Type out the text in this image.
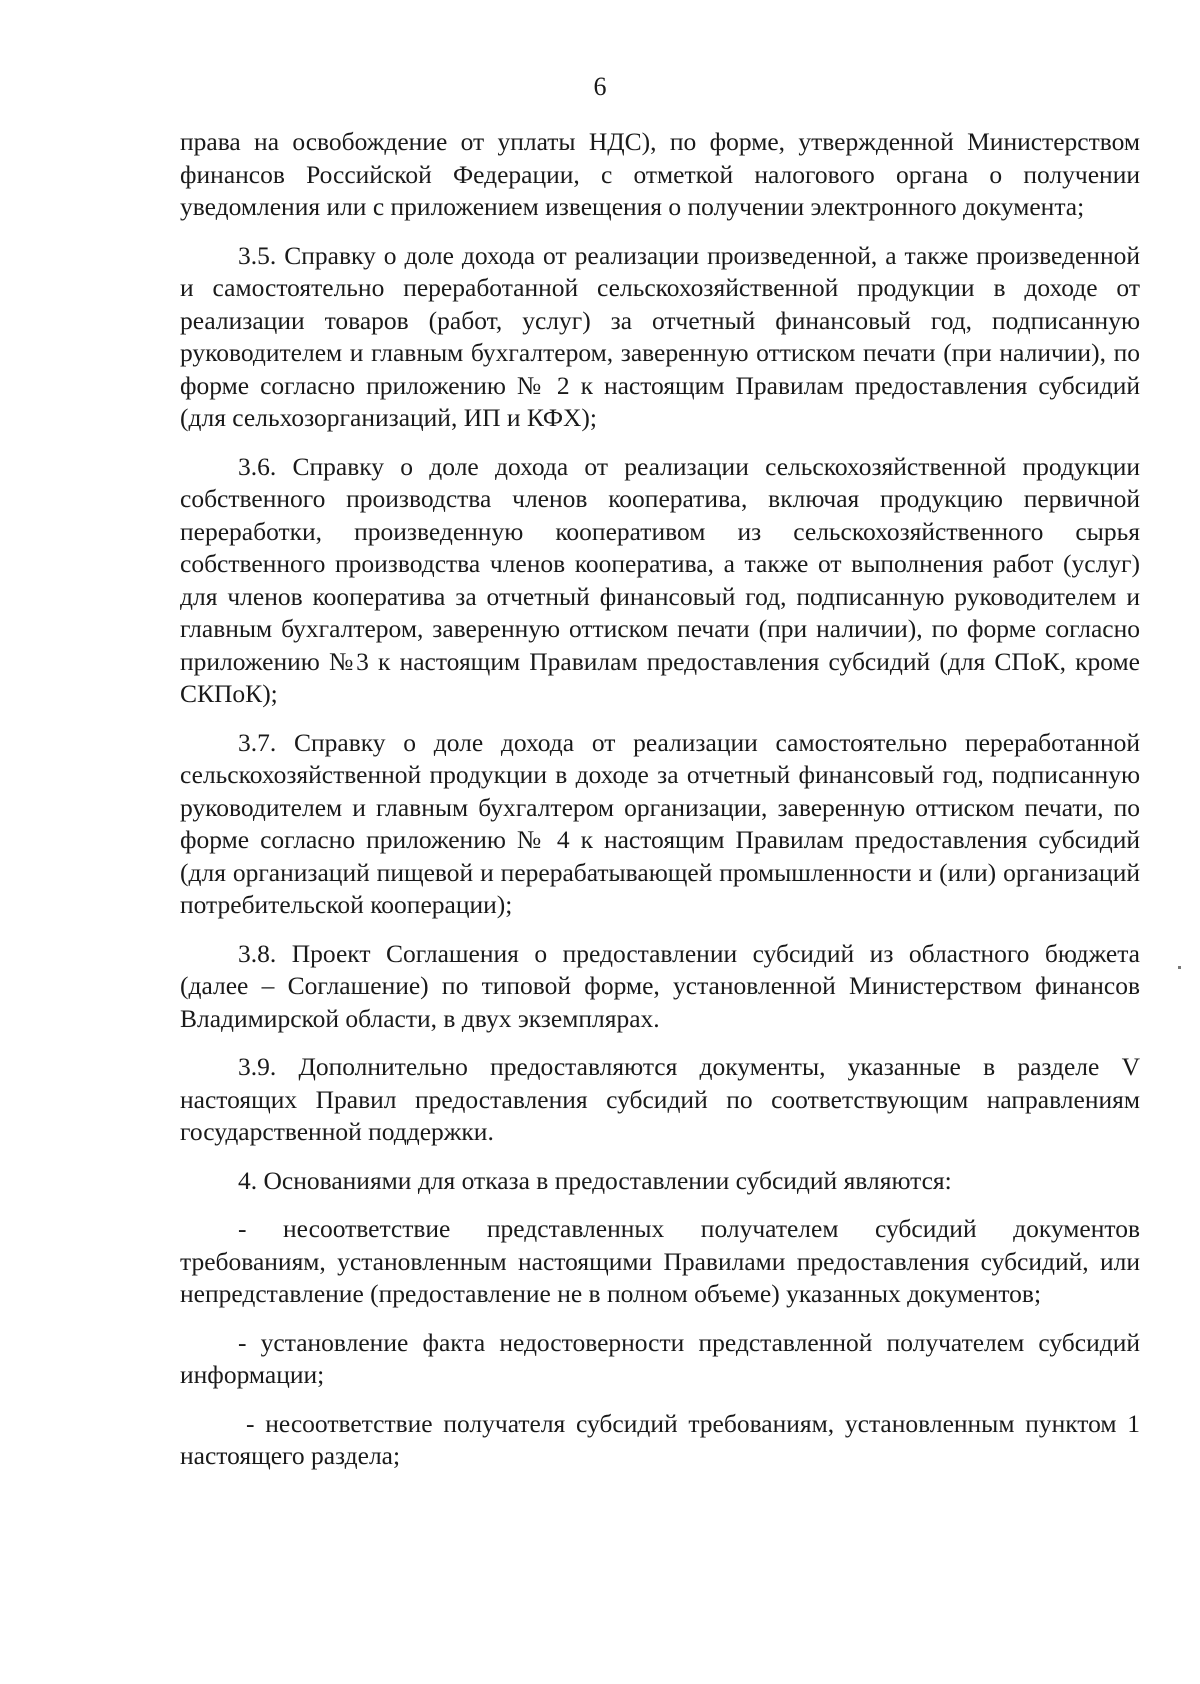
6

права на освобождение от уплаты НДС), по форме, утвержденной Министерством финансов Российской Федерации, с отметкой налогового органа о получении уведомления или с приложением извещения о получении электронного документа;

3.5. Справку о доле дохода от реализации произведенной, а также произведенной и самостоятельно переработанной сельскохозяйственной продукции в доходе от реализации товаров (работ, услуг) за отчетный финансовый год, подписанную руководителем и главным бухгалтером, заверенную оттиском печати (при наличии), по форме согласно приложению № 2 к настоящим Правилам предоставления субсидий (для сельхозорганизаций, ИП и КФХ);

3.6. Справку о доле дохода от реализации сельскохозяйственной продукции собственного производства членов кооператива, включая продукцию первичной переработки, произведенную кооперативом из сельскохозяйственного сырья собственного производства членов кооператива, а также от выполнения работ (услуг) для членов кооператива за отчетный финансовый год, подписанную руководителем и главным бухгалтером, заверенную оттиском печати (при наличии), по форме согласно приложению №3 к настоящим Правилам предоставления субсидий (для СПоК, кроме СКПоК);

3.7. Справку о доле дохода от реализации самостоятельно переработанной сельскохозяйственной продукции в доходе за отчетный финансовый год, подписанную руководителем и главным бухгалтером организации, заверенную оттиском печати, по форме согласно приложению № 4 к настоящим Правилам предоставления субсидий (для организаций пищевой и перерабатывающей промышленности и (или) организаций потребительской кооперации);

3.8. Проект Соглашения о предоставлении субсидий из областного бюджета (далее – Соглашение) по типовой форме, установленной Министерством финансов Владимирской области, в двух экземплярах.

3.9. Дополнительно предоставляются документы, указанные в разделе V настоящих Правил предоставления субсидий по соответствующим направлениям государственной поддержки.

4. Основаниями для отказа в предоставлении субсидий являются:

- несоответствие представленных получателем субсидий документов требованиям, установленным настоящими Правилами предоставления субсидий, или непредставление (предоставление не в полном объеме) указанных документов;

- установление факта недостоверности представленной получателем субсидий информации;

- несоответствие получателя субсидий требованиям, установленным пунктом 1 настоящего раздела;
